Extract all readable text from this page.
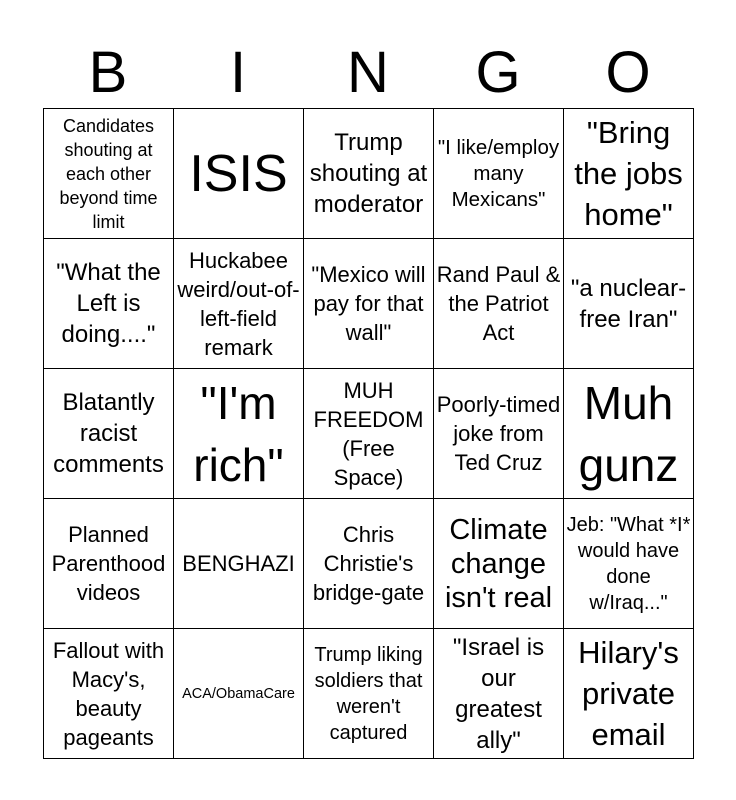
B	I	N	G	O
Candidates shouting at each other beyond time limit	ISIS	Trump shouting at moderator	"I like/employ many Mexicans"	"Bring the jobs home"
"What the Left is doing...."	Huckabee weird/out-of-left-field remark	"Mexico will pay for that wall"	Rand Paul & the Patriot Act	"a nuclear-free Iran"
Blatantly racist comments	"I'm rich"	MUH FREEDOM (Free Space)	Poorly-timed joke from Ted Cruz	Muh gunz
Planned Parenthood videos	BENGHAZI	Chris Christie's bridge-gate	Climate change isn't real	Jeb: "What *I* would have done w/Iraq..."
Fallout with Macy's, beauty pageants	ACA/ObamaCare	Trump liking soldiers that weren't captured	"Israel is our greatest ally"	Hilary's private email
